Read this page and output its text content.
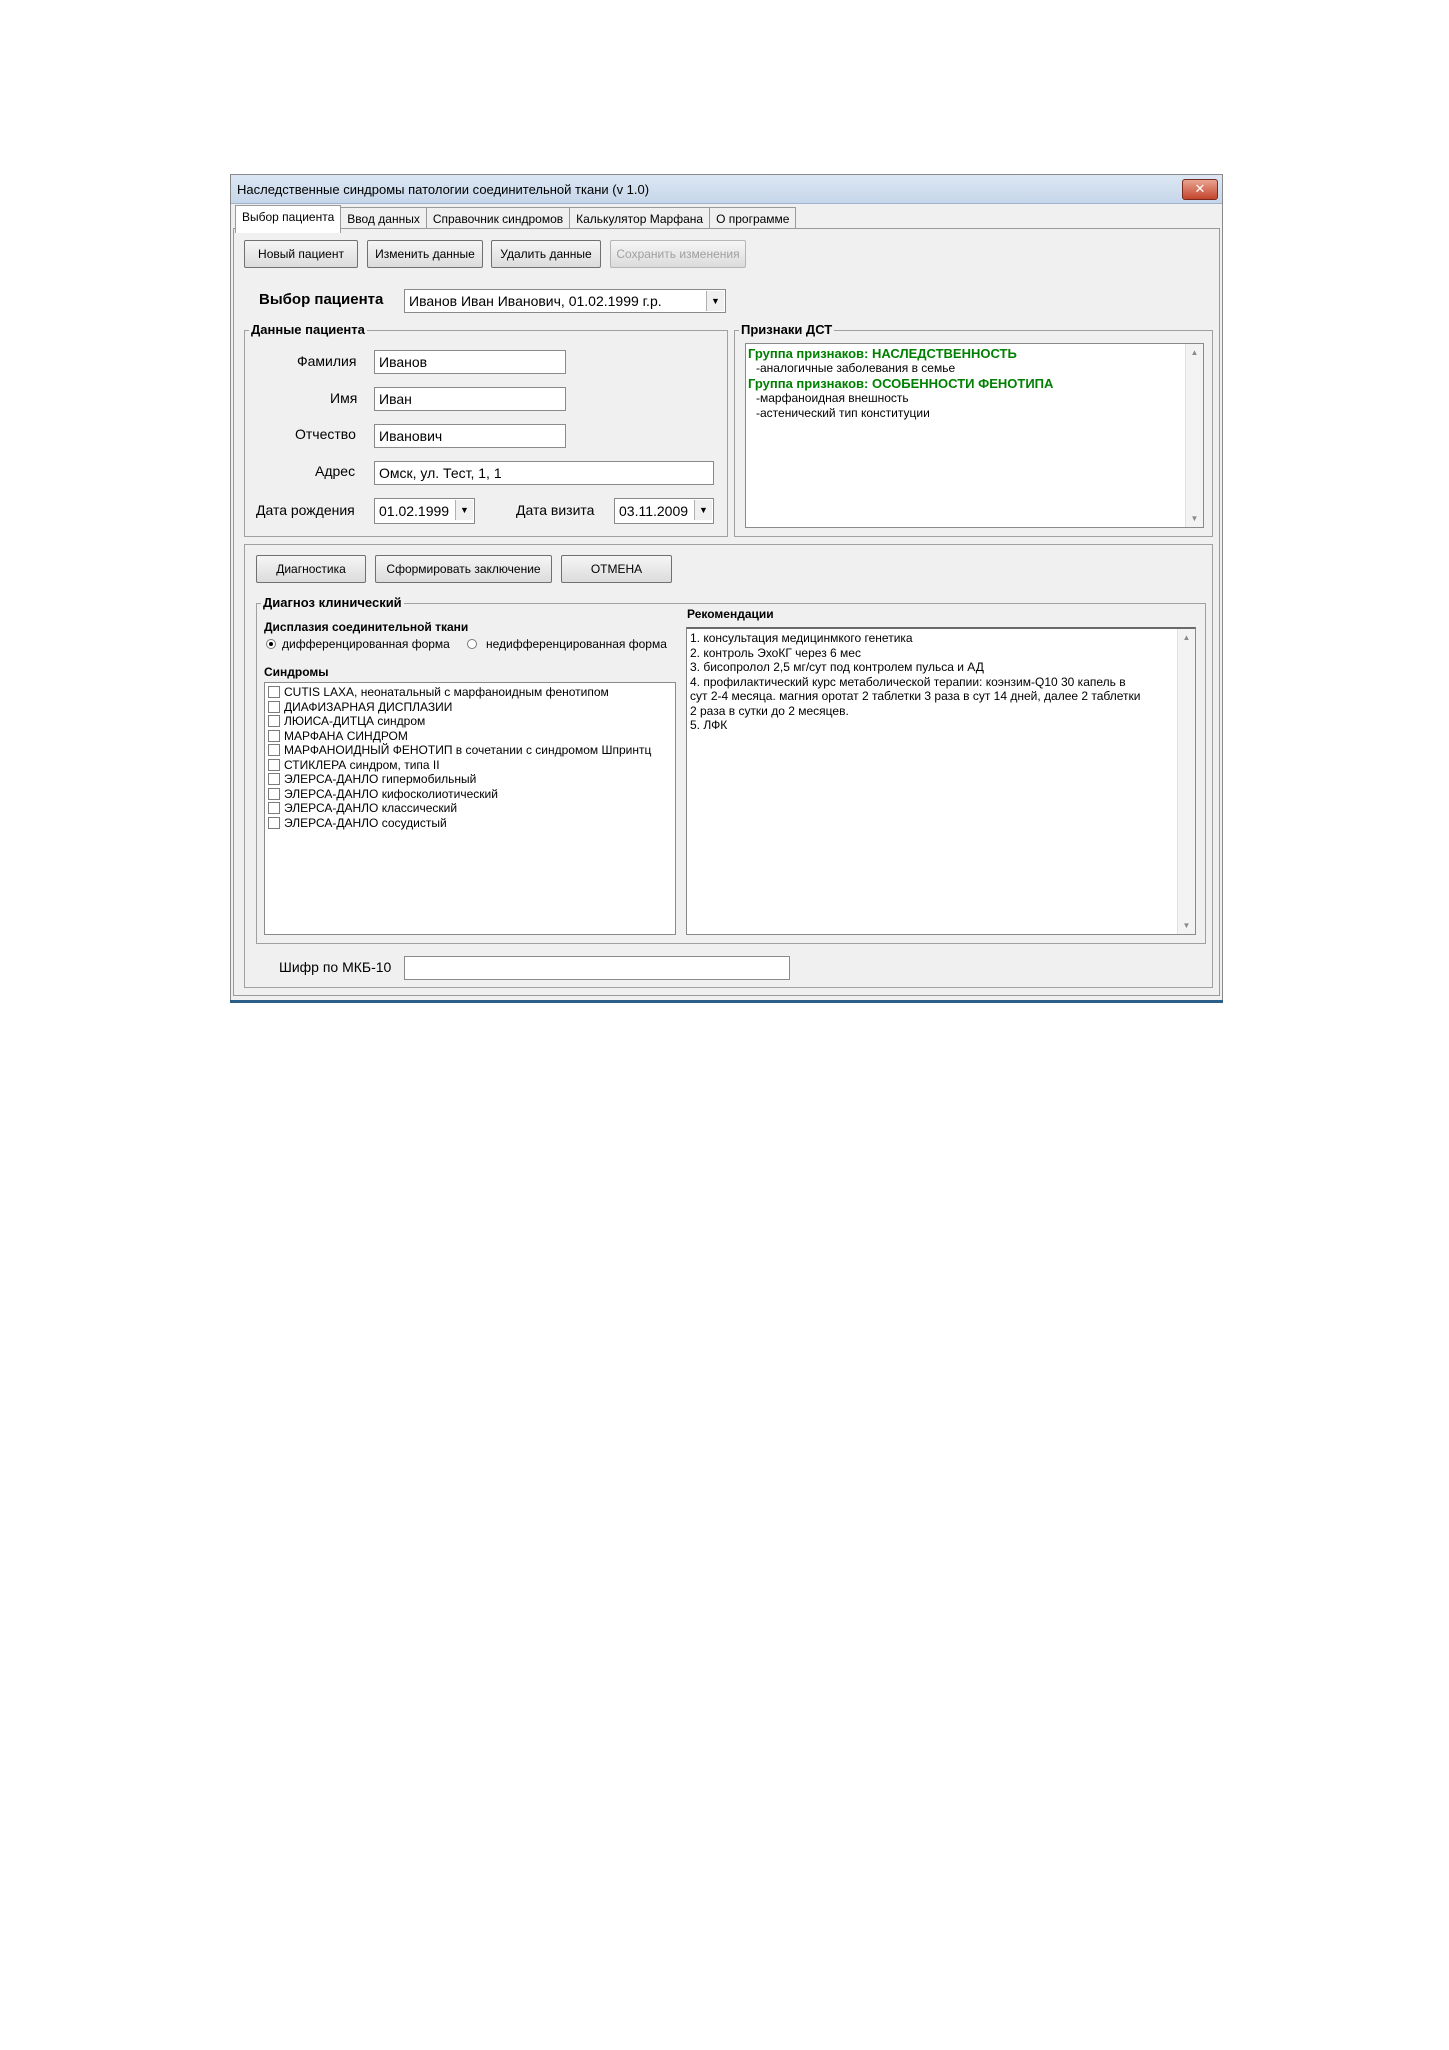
Наследственные синдромы патологии соединительной ткани (v 1.0)	✕
Выбор пациента	Ввод данных	Справочник синдромов	Калькулятор Марфана	О программе
Новый пациент	Изменить данные	Удалить данные	Сохранить изменения
Выбор пациента	Иванов Иван Иванович, 01.02.1999 г.р.	▼
Данные пациента
Фамилия	Иванов
Имя	Иван
Отчество	Иванович
Адрес	Омск, ул. Тест, 1, 1
Дата рождения	01.02.1999	▼	Дата визита	03.11.2009	▼
Признаки ДСТ
Группа признаков: НАСЛЕДСТВЕННОСТЬ
-аналогичные заболевания в семье
Группа признаков: ОСОБЕННОСТИ ФЕНОТИПА
-марфаноидная внешность
-астенический тип конституции
▲
▼
Диагностика	Сформировать заключение	ОТМЕНА
Диагноз клинический
Дисплазия соединительной ткани
дифференцированная форма	недифференцированная форма
Синдромы
CUTIS LAXA, неонатальный с марфаноидным фенотипом
ДИАФИЗАРНАЯ ДИСПЛАЗИИ
ЛЮИСА-ДИТЦА синдром
МАРФАНА СИНДРОМ
МАРФАНОИДНЫЙ ФЕНОТИП в сочетании с синдромом Шпринтц
СТИКЛЕРА синдром, типа II
ЭЛЕРСА-ДАНЛО гипермобильный
ЭЛЕРСА-ДАНЛО кифосколиотический
ЭЛЕРСА-ДАНЛО классический
ЭЛЕРСА-ДАНЛО сосудистый
Рекомендации
1. консультация медицинмкого генетика
2. контроль ЭхоКГ через 6 мес
3. бисопролол 2,5 мг/сут под контролем пульса и АД
4. профилактический курс метаболической терапии: коэнзим-Q10 30 капель в
сут 2-4 месяца. магния оротат 2 таблетки 3 раза в сут 14 дней, далее 2 таблетки
2 раза в сутки до 2 месяцев.
5. ЛФК
▲
▼
Шифр по МКБ-10
